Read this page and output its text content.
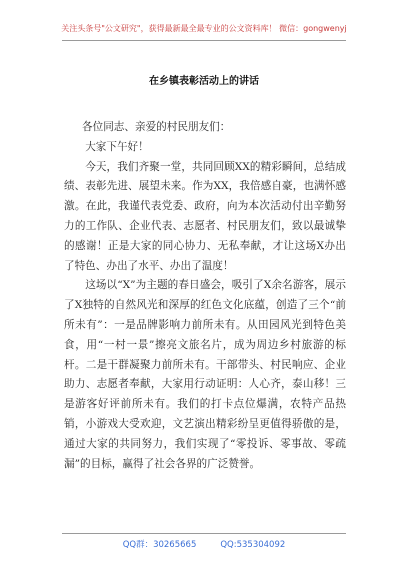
关注头条号"公文研究"，获得最新最全最专业的公文资料库！ 微信：gongwenyj
在乡镇表彰活动上的讲话

各位同志、亲爱的村民朋友们：

大家下午好！

今天，我们齐聚一堂，共同回顾XX的精彩瞬间，总结成绩、表彰先进、展望未来。作为XX，我倍感自豪，也满怀感激。在此，我谨代表党委、政府，向为本次活动付出辛勤努力的工作队、企业代表、志愿者、村民朋友们，致以最诚挚的感谢！正是大家的同心协力、无私奉献，才让这场X办出了特色、办出了水平、办出了温度！

这场以“X”为主题的春日盛会，吸引了X余名游客，展示了X独特的自然风光和深厚的红色文化底蕴，创造了三个“前所未有”：一是品牌影响力前所未有。从田园风光到特色美食，用“一村一景”擦亮文旅名片，成为周边乡村旅游的标杆。二是干群凝聚力前所未有。干部带头、村民响应、企业助力、志愿者奉献，大家用行动证明：人心齐，泰山移！三是游客好评前所未有。我们的打卡点位爆满，农特产品热销，小游戏大受欢迎，文艺演出精彩纷呈更值得骄傲的是，通过大家的共同努力，我们实现了“零投诉、零事故、零疏漏”的目标，赢得了社会各界的广泛赞誉。

QQ群：30265665	QQ:535304092
